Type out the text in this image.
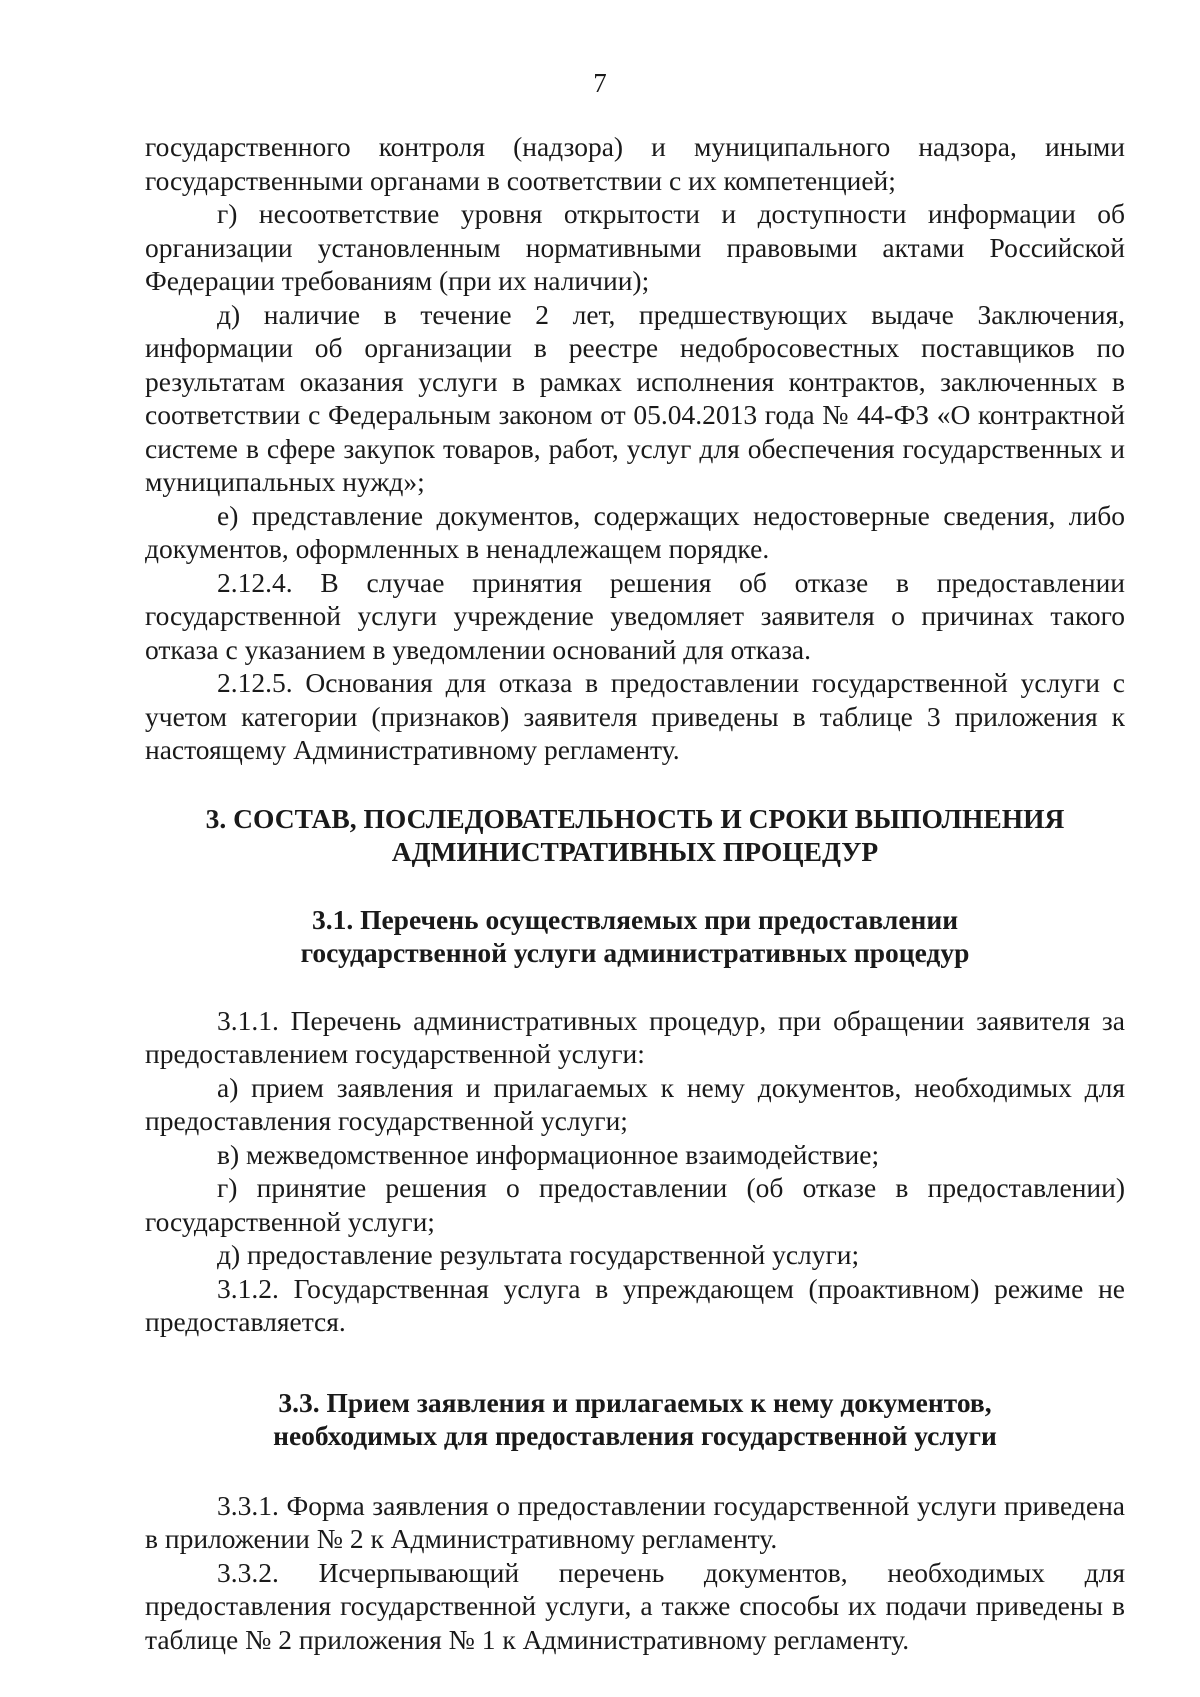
7

государственного контроля (надзора) и муниципального надзора, иными государственными органами в соответствии с их компетенцией;

г) несоответствие уровня открытости и доступности информации об организации установленным нормативными правовыми актами Российской Федерации требованиям (при их наличии);

д) наличие в течение 2 лет, предшествующих выдаче Заключения, информации об организации в реестре недобросовестных поставщиков по результатам оказания услуги в рамках исполнения контрактов, заключенных в соответствии с Федеральным законом от 05.04.2013 года № 44-ФЗ «О контрактной системе в сфере закупок товаров, работ, услуг для обеспечения государственных и муниципальных нужд»;

е) представление документов, содержащих недостоверные сведения, либо документов, оформленных в ненадлежащем порядке.

2.12.4. В случае принятия решения об отказе в предоставлении государственной услуги учреждение уведомляет заявителя о причинах такого отказа с указанием в уведомлении оснований для отказа.

2.12.5. Основания для отказа в предоставлении государственной услуги с учетом категории (признаков) заявителя приведены в таблице 3 приложения к настоящему Административному регламенту.

3. СОСТАВ, ПОСЛЕДОВАТЕЛЬНОСТЬ И СРОКИ ВЫПОЛНЕНИЯ
АДМИНИСТРАТИВНЫХ ПРОЦЕДУР
3.1. Перечень осуществляемых при предоставлении
государственной услуги административных процедур

3.1.1. Перечень административных процедур, при обращении заявителя за предоставлением государственной услуги:

а) прием заявления и прилагаемых к нему документов, необходимых для предоставления государственной услуги;

в) межведомственное информационное взаимодействие;

г) принятие решения о предоставлении (об отказе в предоставлении) государственной услуги;

д) предоставление результата государственной услуги;

3.1.2. Государственная услуга в упреждающем (проактивном) режиме не предоставляется.

3.3. Прием заявления и прилагаемых к нему документов,
необходимых для предоставления государственной услуги

3.3.1. Форма заявления о предоставлении государственной услуги приведена в приложении № 2 к Административному регламенту.

3.3.2. Исчерпывающий перечень документов, необходимых для предоставления государственной услуги, а также способы их подачи приведены в таблице № 2 приложения № 1 к Административному регламенту.
